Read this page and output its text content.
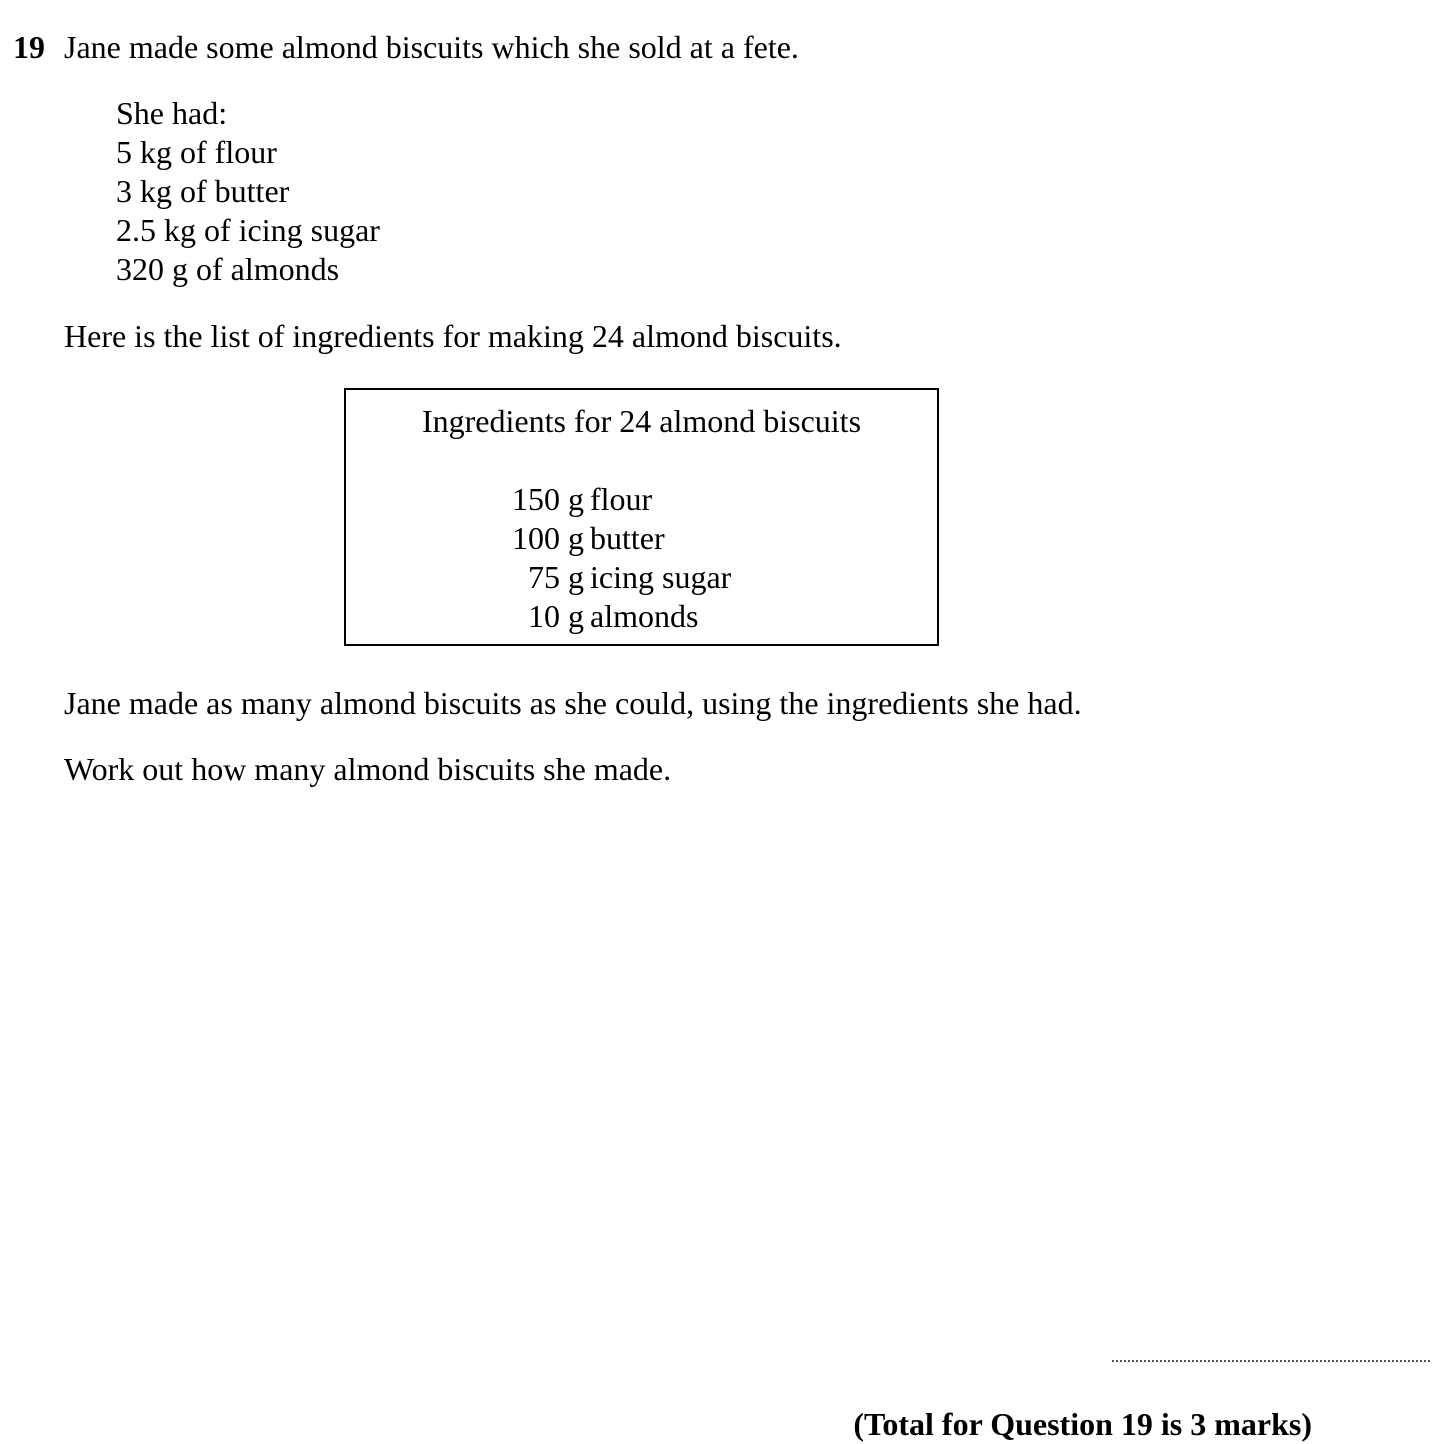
19 Jane made some almond biscuits which she sold at a fete.
She had:
5 kg of flour
3 kg of butter
2.5 kg of icing sugar
320 g of almonds
Here is the list of ingredients for making 24 almond biscuits.
Ingredients for 24 almond biscuits
150 g flour
100 g butter
75 g icing sugar
10 g almonds
Jane made as many almond biscuits as she could, using the ingredients she had.
Work out how many almond biscuits she made.
(Total for Question 19 is 3 marks)
